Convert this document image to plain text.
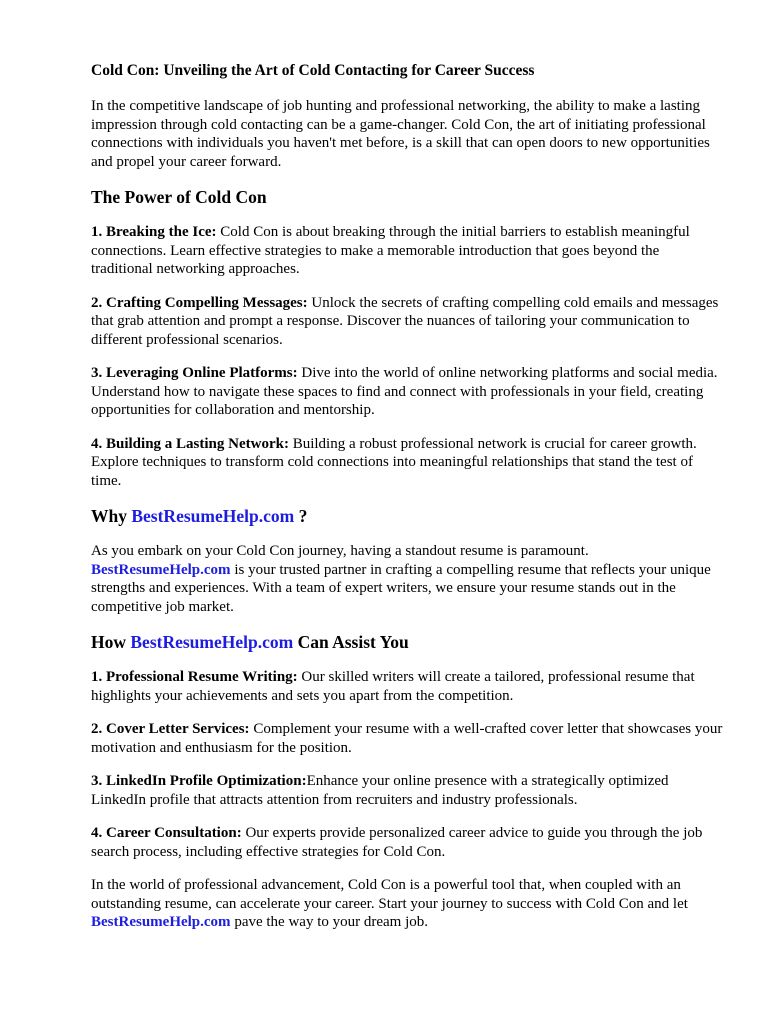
Cold Con: Unveiling the Art of Cold Contacting for Career Success

In the competitive landscape of job hunting and professional networking, the ability to make a lasting impression through cold contacting can be a game-changer. Cold Con, the art of initiating professional connections with individuals you haven't met before, is a skill that can open doors to new opportunities and propel your career forward.

The Power of Cold Con

1. Breaking the Ice: Cold Con is about breaking through the initial barriers to establish meaningful connections. Learn effective strategies to make a memorable introduction that goes beyond the traditional networking approaches.

2. Crafting Compelling Messages: Unlock the secrets of crafting compelling cold emails and messages that grab attention and prompt a response. Discover the nuances of tailoring your communication to different professional scenarios.

3. Leveraging Online Platforms: Dive into the world of online networking platforms and social media. Understand how to navigate these spaces to find and connect with professionals in your field, creating opportunities for collaboration and mentorship.

4. Building a Lasting Network: Building a robust professional network is crucial for career growth. Explore techniques to transform cold connections into meaningful relationships that stand the test of time.

Why BestResumeHelp.com ?

As you embark on your Cold Con journey, having a standout resume is paramount. BestResumeHelp.com is your trusted partner in crafting a compelling resume that reflects your unique strengths and experiences. With a team of expert writers, we ensure your resume stands out in the competitive job market.

How BestResumeHelp.com Can Assist You

1. Professional Resume Writing: Our skilled writers will create a tailored, professional resume that highlights your achievements and sets you apart from the competition.

2. Cover Letter Services: Complement your resume with a well-crafted cover letter that showcases your motivation and enthusiasm for the position.

3. LinkedIn Profile Optimization:Enhance your online presence with a strategically optimized LinkedIn profile that attracts attention from recruiters and industry professionals.

4. Career Consultation: Our experts provide personalized career advice to guide you through the job search process, including effective strategies for Cold Con.

In the world of professional advancement, Cold Con is a powerful tool that, when coupled with an outstanding resume, can accelerate your career. Start your journey to success with Cold Con and let BestResumeHelp.com pave the way to your dream job.
